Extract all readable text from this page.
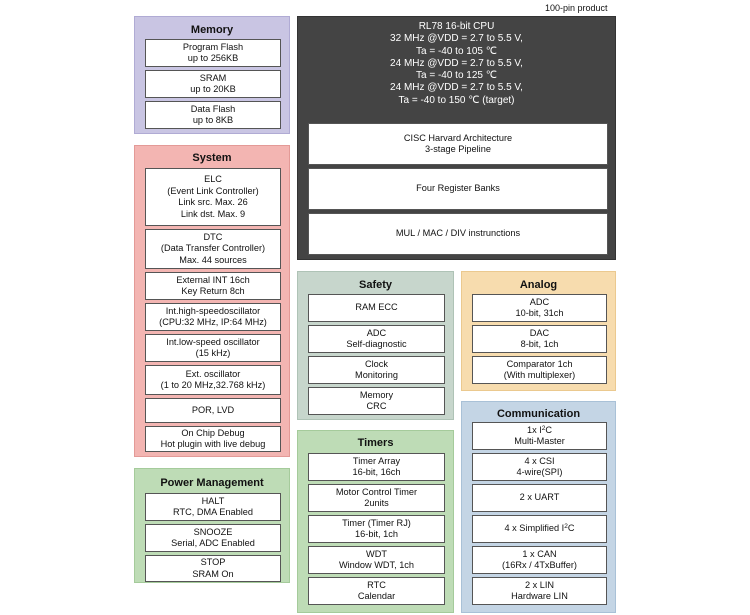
100-pin product
Memory
Program Flash
up to 256KB
SRAM
up to 20KB
Data Flash
up to 8KB
System
ELC
(Event Link Controller)
Link src. Max. 26
Link dst. Max. 9
DTC
(Data Transfer Controller)
Max. 44 sources
External INT 16ch
Key Return 8ch
Int.high-speedoscillator
(CPU:32 MHz, IP:64 MHz)
Int.low-speed oscillator
(15 kHz)
Ext. oscillator
(1 to 20 MHz,32.768 kHz)
POR, LVD
On Chip Debug
Hot plugin with live debug
Power Management
HALT
RTC, DMA Enabled
SNOOZE
Serial, ADC Enabled
STOP
SRAM On
RL78 16-bit CPU
32 MHz @VDD = 2.7 to 5.5 V,
Ta = -40 to 105 ℃
24 MHz @VDD = 2.7 to 5.5 V,
Ta = -40 to 125 ℃
24 MHz @VDD = 2.7 to 5.5 V,
Ta = -40 to 150 ℃ (target)
CISC Harvard Architecture
3-stage Pipeline
Four Register Banks
MUL / MAC / DIV instrunctions
Safety
RAM ECC
ADC
Self-diagnostic
Clock
Monitoring
Memory
CRC
Timers
Timer Array
16-bit, 16ch
Motor Control Timer
2units
Timer (Timer RJ)
16-bit, 1ch
WDT
Window WDT, 1ch
RTC
Calendar
Analog
ADC
10-bit, 31ch
DAC
8-bit, 1ch
Comparator 1ch
(With multiplexer)
Communication
1x $I^2C$
Multi-Master
4 x CSI
4-wire(SPI)
2 x UART
4 x Simplified $I^2C$
1 x CAN
(16Rx / 4TxBuffer)
2 x LIN
Hardware LIN
